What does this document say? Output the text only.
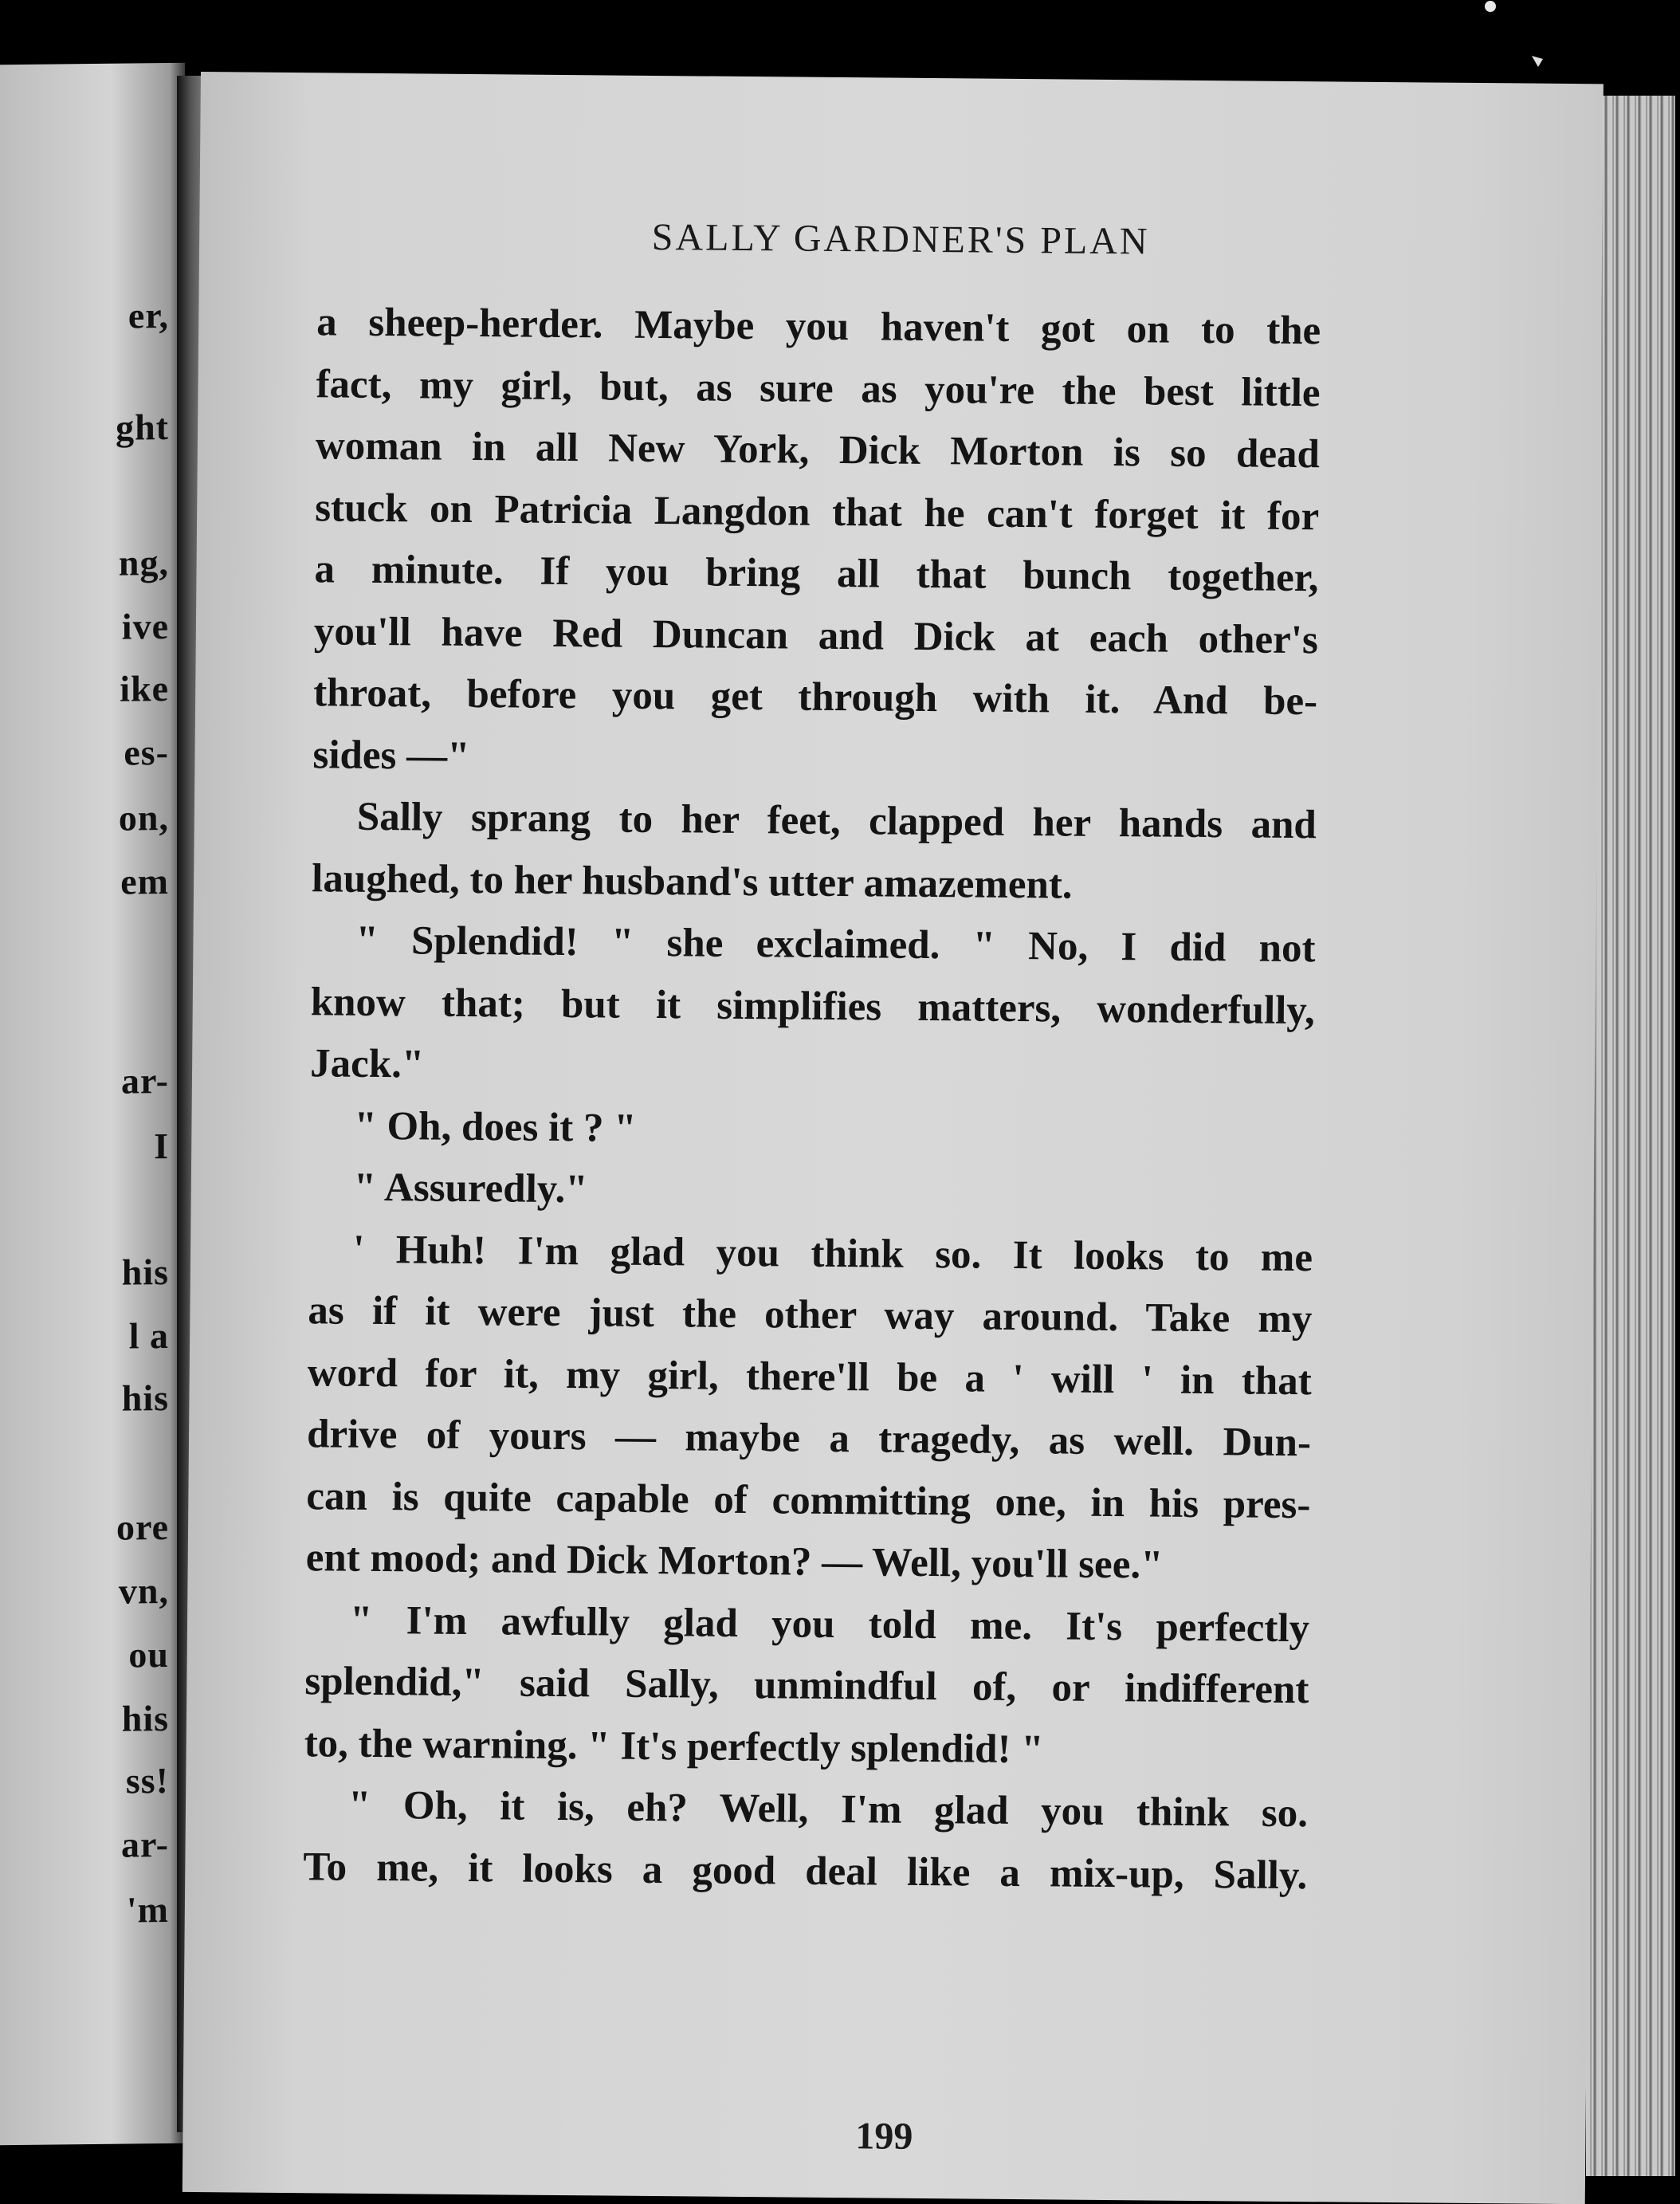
er,
ght
ng,
ive
ike
es-
on,
em
ar-
I
his
l a
his
ore
vn,
ou
his
ss!
ar-
'm
SALLY GARDNER'S PLAN
a sheep-herder. Maybe you haven't got on to the
fact, my girl, but, as sure as you're the best little
woman in all New York, Dick Morton is so dead
stuck on Patricia Langdon that he can't forget it for
a minute. If you bring all that bunch together,
you'll have Red Duncan and Dick at each other's
throat, before you get through with it. And be-
sides —"
Sally sprang to her feet, clapped her hands and
laughed, to her husband's utter amazement.
" Splendid! " she exclaimed. " No, I did not
know that; but it simplifies matters, wonderfully,
Jack."
" Oh, does it ? "
" Assuredly."
' Huh! I'm glad you think so. It looks to me
as if it were just the other way around. Take my
word for it, my girl, there'll be a ' will ' in that
drive of yours — maybe a tragedy, as well. Dun-
can is quite capable of committing one, in his pres-
ent mood; and Dick Morton? — Well, you'll see."
" I'm awfully glad you told me. It's perfectly
splendid," said Sally, unmindful of, or indifferent
to, the warning. " It's perfectly splendid! "
" Oh, it is, eh? Well, I'm glad you think so.
To me, it looks a good deal like a mix-up, Sally.
199
